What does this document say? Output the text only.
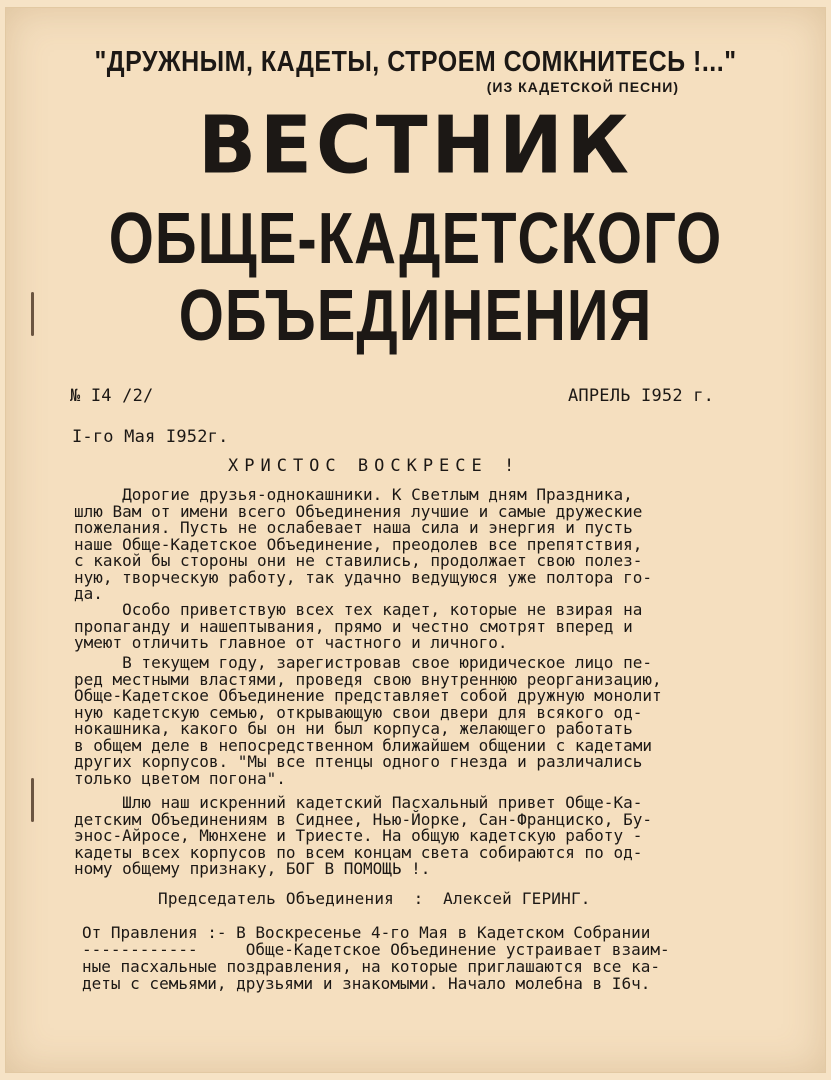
"ДРУЖНЫМ, КАДЕТЫ, СТРОЕМ СОМКНИТЕСЬ !..."
(ИЗ КАДЕТСКОЙ ПЕСНИ)
ВЕСТНИК
ОБЩЕ-КАДЕТСКОГО
ОБЪЕДИНЕНИЯ
№ I4 /2/	АПРЕЛЬ I952 г.
I-го Мая I952г.
ХРИСТОС ВОСКРЕСЕ !
Дорогие друзья-однокашники. К Светлым дням Праздника,
шлю Вам от имени всего Объединения лучшие и самые дружеские
пожелания. Пусть не ослабевает наша сила и энергия и пусть
наше Обще-Кадетское Объединение, преодолев все препятствия,
с какой бы стороны они не ставились, продолжает свою полез-
ную, творческую работу, так удачно ведущуюся уже полтора го-
да.
Особо приветствую всех тех кадет, которые не взирая на
пропаганду и нашептывания, прямо и честно смотрят вперед и
умеют отличить главное от частного и личного.
В текущем году, зарегистровав свое юридическое лицо пе-
ред местными властями, проведя свою внутреннюю реорганизацию,
Обще-Кадетское Объединение представляет собой дружную монолит
ную кадетскую семью, открывающую свои двери для всякого од-
нокашника, какого бы он ни был корпуса, желающего работать
в общем деле в непосредственном ближайшем общении с кадетами
других корпусов. "Мы все птенцы одного гнезда и различались
только цветом погона".
Шлю наш искренний кадетский Пасхальный привет Обще-Ка-
детским Объединениям в Сиднее, Нью-Йорке, Сан-Франциско, Бу-
энос-Айросе, Мюнхене и Триесте. На общую кадетскую работу -
кадеты всех корпусов по всем концам света собираются по од-
ному общему признаку, БОГ В ПОМОЩЬ !.
Председатель Объединения  :  Алексей ГЕРИНГ.
От Правления :- В Воскресенье 4-го Мая в Кадетском Собрании
------------     Обще-Кадетское Объединение устраивает взаим-
ные пасхальные поздравления, на которые приглашаются все ка-
деты с семьями, друзьями и знакомыми. Начало молебна в I6ч.
